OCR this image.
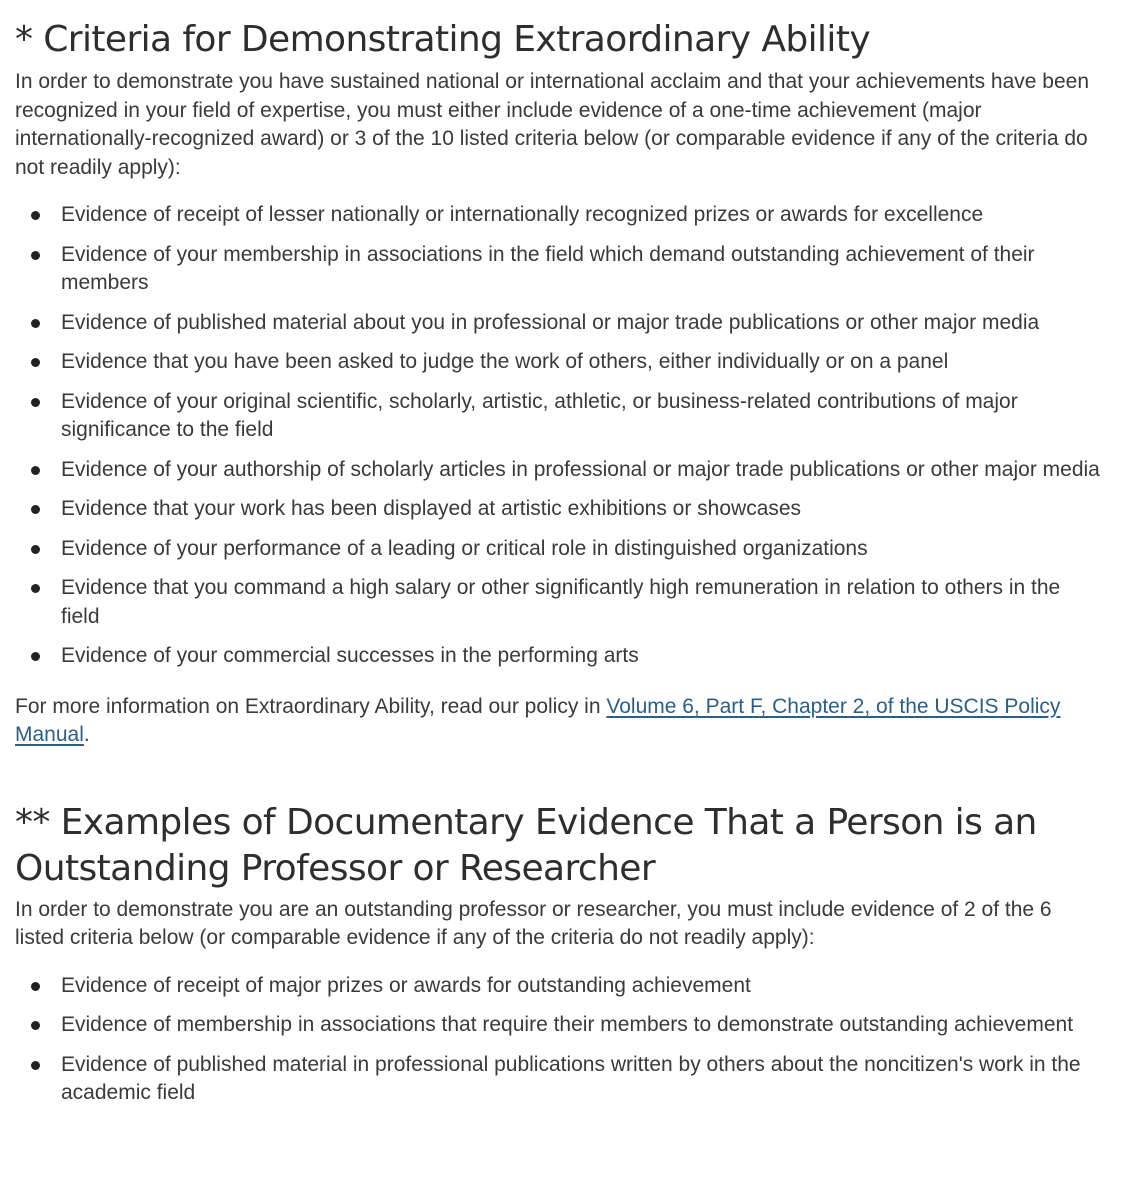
* Criteria for Demonstrating Extraordinary Ability

In order to demonstrate you have sustained national or international acclaim and that your achievements have been recognized in your field of expertise, you must either include evidence of a one-time achievement (major internationally-recognized award) or 3 of the 10 listed criteria below (or comparable evidence if any of the criteria do not readily apply):

Evidence of receipt of lesser nationally or internationally recognized prizes or awards for excellence
Evidence of your membership in associations in the field which demand outstanding achievement of their members
Evidence of published material about you in professional or major trade publications or other major media
Evidence that you have been asked to judge the work of others, either individually or on a panel
Evidence of your original scientific, scholarly, artistic, athletic, or business-related contributions of major significance to the field
Evidence of your authorship of scholarly articles in professional or major trade publications or other major media
Evidence that your work has been displayed at artistic exhibitions or showcases
Evidence of your performance of a leading or critical role in distinguished organizations
Evidence that you command a high salary or other significantly high remuneration in relation to others in the field
Evidence of your commercial successes in the performing arts

For more information on Extraordinary Ability, read our policy in Volume 6, Part F, Chapter 2, of the USCIS Policy Manual.

** Examples of Documentary Evidence That a Person is an Outstanding Professor or Researcher

In order to demonstrate you are an outstanding professor or researcher, you must include evidence of 2 of the 6 listed criteria below (or comparable evidence if any of the criteria do not readily apply):

Evidence of receipt of major prizes or awards for outstanding achievement
Evidence of membership in associations that require their members to demonstrate outstanding achievement
Evidence of published material in professional publications written by others about the noncitizen's work in the academic field
